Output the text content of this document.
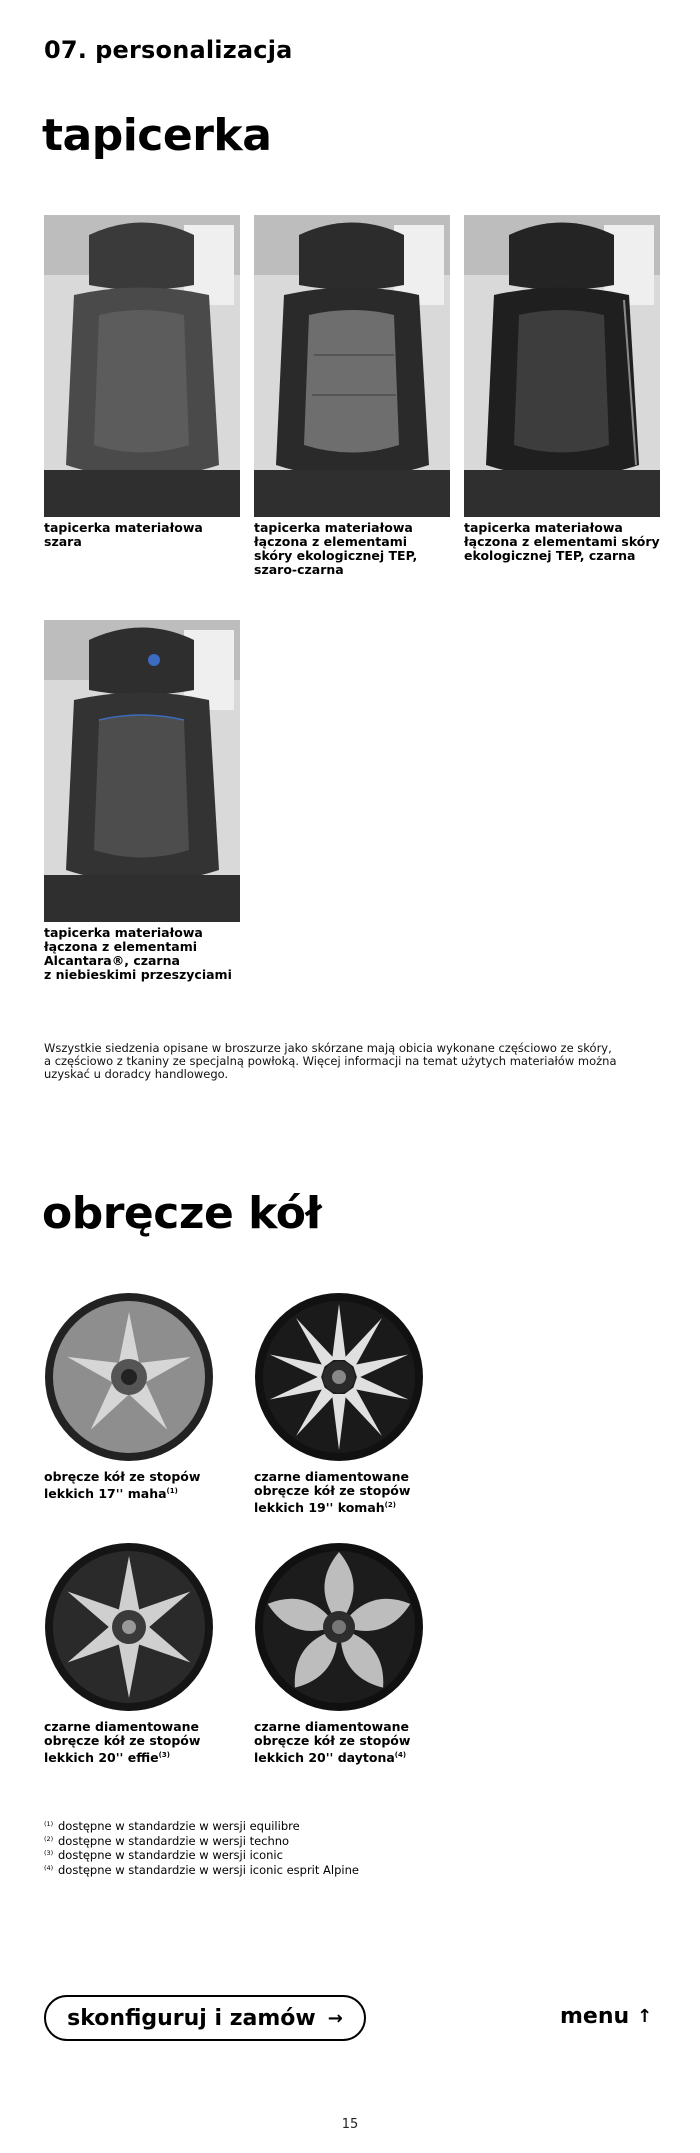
07. personalizacja
tapicerka
tapicerka materiałowa szara
tapicerka materiałowa
łączona z elementami
skóry ekologicznej TEP,
szaro-czarna
tapicerka materiałowa
łączona z elementami skóry
ekologicznej TEP, czarna
tapicerka materiałowa
łączona z elementami
Alcantara®, czarna
z niebieskimi przeszyciami
Wszystkie siedzenia opisane w broszurze jako skórzane mają obicia wykonane częściowo ze skóry,
a częściowo z tkaniny ze specjalną powłoką. Więcej informacji na temat użytych materiałów można
uzyskać u doradcy handlowego.
obręcze kół
obręcze kół ze stopów lekkich 17'' maha$^{(1)}$
czarne diamentowane obręcze kół ze stopów lekkich 19'' komah$^{(2)}$
czarne diamentowane obręcze kół ze stopów lekkich 20'' effie$^{(3)}$
czarne diamentowane obręcze kół ze stopów lekkich 20'' daytona$^{(4)}$
(1) dostępne w standardzie w wersji equilibre
(2) dostępne w standardzie w wersji techno
(3) dostępne w standardzie w wersji iconic
(4) dostępne w standardzie w wersji iconic esprit Alpine
skonfiguruj i zamów →	menu ↑
15
